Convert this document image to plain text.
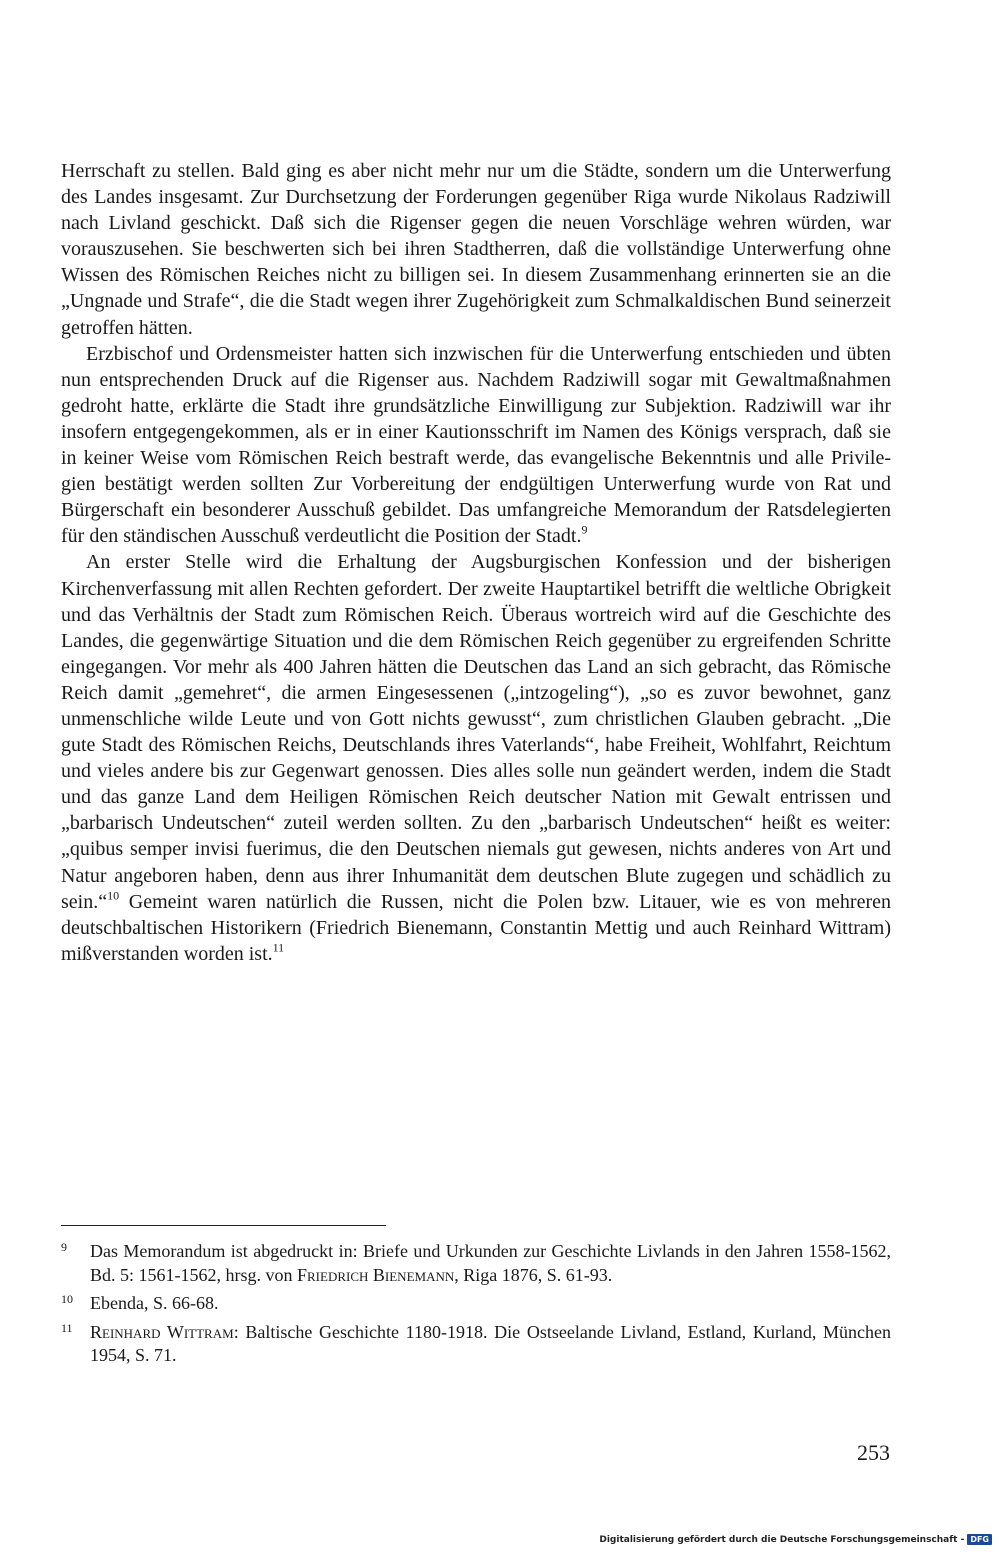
Herrschaft zu stellen. Bald ging es aber nicht mehr nur um die Städte, sondern um die Unterwerfung des Landes insgesamt. Zur Durchsetzung der Forderungen gegenüber Riga wurde Nikolaus Radziwill nach Livland geschickt. Daß sich die Rigenser gegen die neuen Vorschläge wehren würden, war vorauszusehen. Sie beschwerten sich bei ihren Stadtherren, daß die vollständige Unterwerfung ohne Wissen des Römischen Reiches nicht zu billigen sei. In diesem Zusammenhang erinnerten sie an die „Ungnade und Strafe“, die die Stadt wegen ihrer Zugehörigkeit zum Schmalkaldischen Bund seinerzeit getroffen hätten.

Erzbischof und Ordensmeister hatten sich inzwischen für die Unterwerfung entschieden und übten nun entsprechenden Druck auf die Rigenser aus. Nachdem Radziwill sogar mit Gewaltmaßnahmen gedroht hatte, erklärte die Stadt ihre grundsätzliche Einwilligung zur Subjektion. Radziwill war ihr insofern entgegengekommen, als er in einer Kautionsschrift im Namen des Königs versprach, daß sie in keiner Weise vom Römischen Reich bestraft werde, das evangelische Bekenntnis und alle Privilegien bestätigt werden sollten Zur Vorbereitung der endgültigen Unterwerfung wurde von Rat und Bürgerschaft ein besonderer Ausschuß gebildet. Das umfangreiche Memorandum der Ratsdelegierten für den ständischen Ausschuß verdeutlicht die Position der Stadt.$^9$

An erster Stelle wird die Erhaltung der Augsburgischen Konfession und der bisherigen Kirchenverfassung mit allen Rechten gefordert. Der zweite Hauptartikel betrifft die weltliche Obrigkeit und das Verhältnis der Stadt zum Römischen Reich. Überaus wortreich wird auf die Geschichte des Landes, die gegenwärtige Situation und die dem Römischen Reich gegenüber zu ergreifenden Schritte eingegangen. Vor mehr als 400 Jahren hätten die Deutschen das Land an sich gebracht, das Römische Reich damit „gemehret“, die armen Eingesessenen („intzogeling“), „so es zuvor bewohnet, ganz unmenschliche wilde Leute und von Gott nichts gewusst“, zum christlichen Glauben gebracht. „Die gute Stadt des Römischen Reichs, Deutschlands ihres Vaterlands“, habe Freiheit, Wohlfahrt, Reichtum und vieles andere bis zur Gegenwart genossen. Dies alles solle nun geändert werden, indem die Stadt und das ganze Land dem Heiligen Römischen Reich deutscher Nation mit Gewalt entrissen und „barbarisch Undeutschen“ zuteil werden sollten. Zu den „barbarisch Undeutschen“ heißt es weiter: „quibus semper invisi fuerimus, die den Deutschen niemals gut gewesen, nichts anderes von Art und Natur angeboren haben, denn aus ihrer Inhumanität dem deutschen Blute zugegen und schädlich zu sein.“$^{10}$ Gemeint waren natürlich die Russen, nicht die Polen bzw. Litauer, wie es von mehreren deutschbaltischen Historikern (Friedrich Bienemann, Constantin Mettig und auch Reinhard Wittram) mißverstanden worden ist.$^{11}$

9 Das Memorandum ist abgedruckt in: Briefe und Urkunden zur Geschichte Livlands in den Jahren 1558-1562, Bd. 5: 1561-1562, hrsg. von Friedrich Bienemann, Riga 1876, S. 61-93.
10 Ebenda, S. 66-68.
11 Reinhard Wittram: Baltische Geschichte 1180-1918. Die Ostseelande Livland, Estland, Kurland, München 1954, S. 71.
253
Digitalisierung gefördert durch die Deutsche Forschungsgemeinschaft - DFG
